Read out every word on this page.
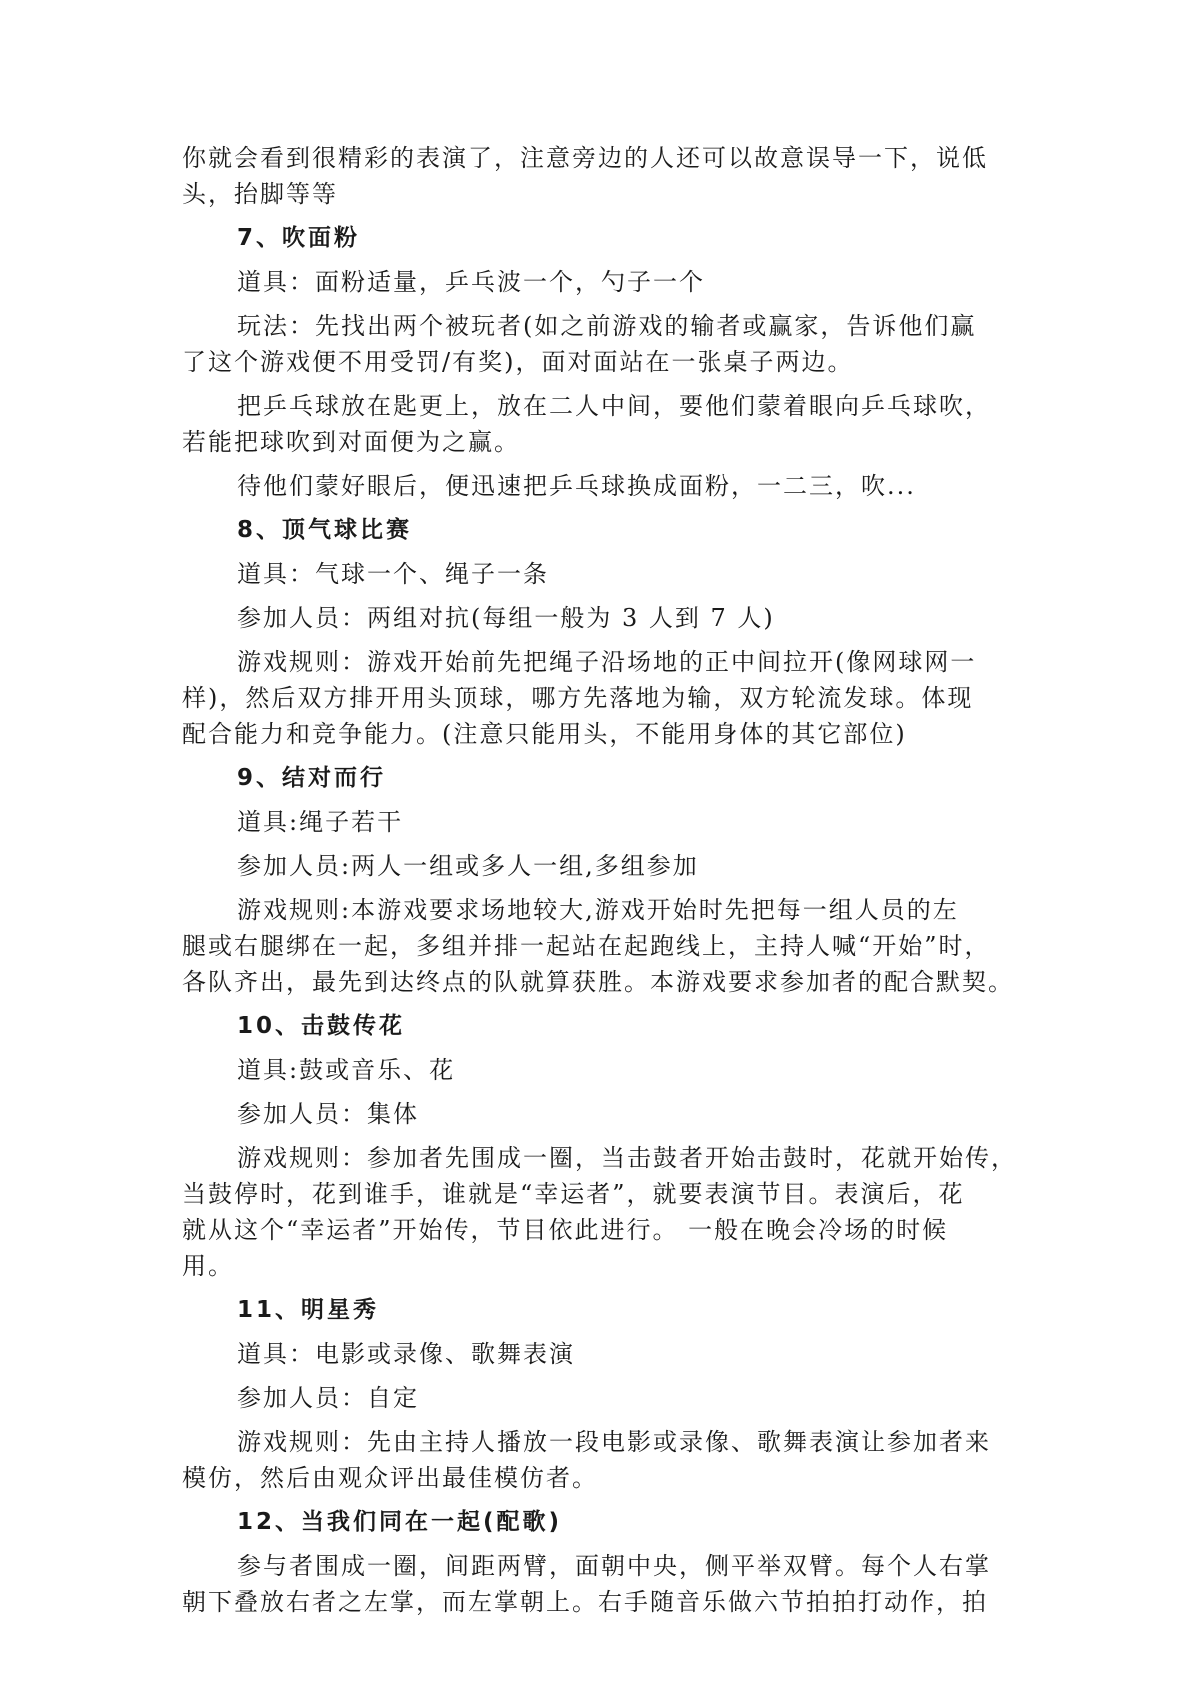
你就会看到很精彩的表演了，注意旁边的人还可以故意误导一下，说低
头，抬脚等等
7、吹面粉
道具：面粉适量，乒乓波一个，勺子一个
玩法：先找出两个被玩者(如之前游戏的输者或赢家，告诉他们赢
了这个游戏便不用受罚/有奖)，面对面站在一张桌子两边。
把乒乓球放在匙更上，放在二人中间，要他们蒙着眼向乒乓球吹，
若能把球吹到对面便为之赢。
待他们蒙好眼后，便迅速把乒乓球换成面粉，一二三，吹...
8、顶气球比赛
道具：气球一个、绳子一条
参加人员：两组对抗(每组一般为 3 人到 7 人)
游戏规则：游戏开始前先把绳子沿场地的正中间拉开(像网球网一
样)，然后双方排开用头顶球，哪方先落地为输，双方轮流发球。体现
配合能力和竞争能力。(注意只能用头，不能用身体的其它部位)
9、结对而行
道具:绳子若干
参加人员:两人一组或多人一组,多组参加
游戏规则:本游戏要求场地较大,游戏开始时先把每一组人员的左
腿或右腿绑在一起，多组并排一起站在起跑线上，主持人喊“开始”时，
各队齐出，最先到达终点的队就算获胜。本游戏要求参加者的配合默契。
10、击鼓传花
道具:鼓或音乐、花
参加人员：集体
游戏规则：参加者先围成一圈，当击鼓者开始击鼓时，花就开始传，
当鼓停时，花到谁手，谁就是“幸运者”，就要表演节目。表演后，花
就从这个“幸运者”开始传，节目依此进行。 一般在晚会冷场的时候
用。
11、明星秀
道具：电影或录像、歌舞表演
参加人员：自定
游戏规则：先由主持人播放一段电影或录像、歌舞表演让参加者来
模仿，然后由观众评出最佳模仿者。
12、当我们同在一起(配歌)
参与者围成一圈，间距两臂，面朝中央，侧平举双臂。每个人右掌
朝下叠放右者之左掌，而左掌朝上。右手随音乐做六节拍拍打动作，拍
